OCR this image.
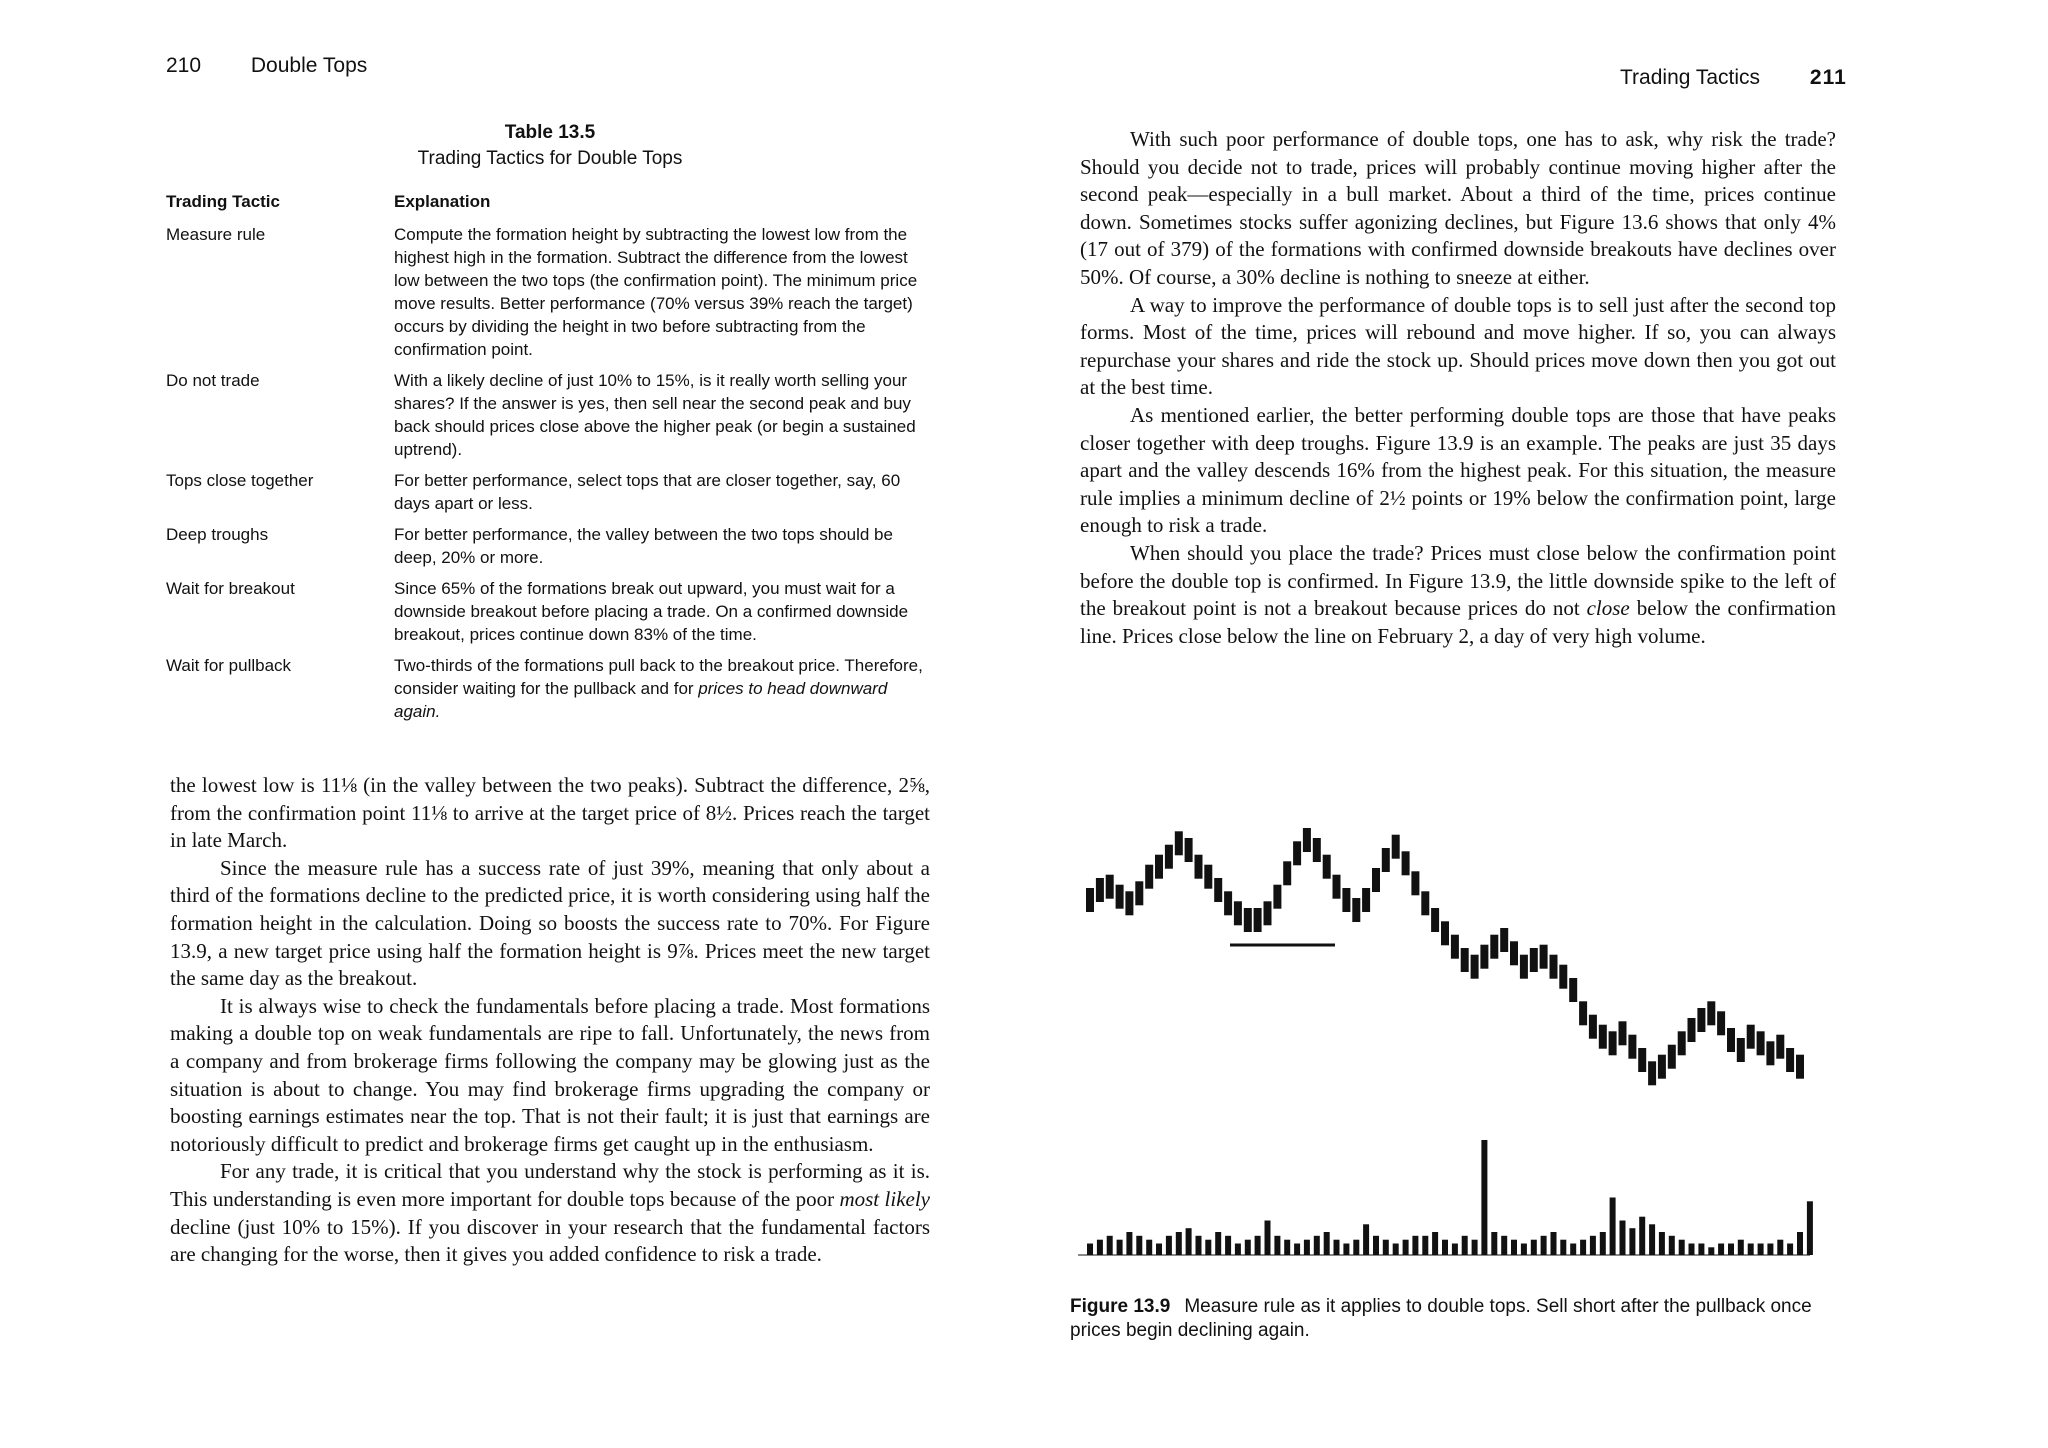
210 Double Tops
Trading Tactics 211
Table 13.5
Trading Tactics for Double Tops
Trading Tactic	Explanation
Measure rule	Compute the formation height by subtracting the lowest low from the highest high in the formation. Subtract the difference from the lowest low between the two tops (the confirmation point). The minimum price move results. Better performance (70% versus 39% reach the target) occurs by dividing the height in two before subtracting from the confirmation point.
Do not trade	With a likely decline of just 10% to 15%, is it really worth selling your shares? If the answer is yes, then sell near the second peak and buy back should prices close above the higher peak (or begin a sustained uptrend).
Tops close together	For better performance, select tops that are closer together, say, 60 days apart or less.
Deep troughs	For better performance, the valley between the two tops should be deep, 20% or more.
Wait for breakout	Since 65% of the formations break out upward, you must wait for a downside breakout before placing a trade. On a confirmed downside breakout, prices continue down 83% of the time.
Wait for pullback	Two-thirds of the formations pull back to the breakout price. Therefore, consider waiting for the pullback and for prices to head downward again.

the lowest low is 11⅛ (in the valley between the two peaks). Subtract the difference, 2⅝, from the confirmation point 11⅛ to arrive at the target price of 8½. Prices reach the target in late March.

Since the measure rule has a success rate of just 39%, meaning that only about a third of the formations decline to the predicted price, it is worth considering using half the formation height in the calculation. Doing so boosts the success rate to 70%. For Figure 13.9, a new target price using half the formation height is 9⅞. Prices meet the new target the same day as the breakout.

It is always wise to check the fundamentals before placing a trade. Most formations making a double top on weak fundamentals are ripe to fall. Unfortunately, the news from a company and from brokerage firms following the company may be glowing just as the situation is about to change. You may find brokerage firms upgrading the company or boosting earnings estimates near the top. That is not their fault; it is just that earnings are notoriously difficult to predict and brokerage firms get caught up in the enthusiasm.

For any trade, it is critical that you understand why the stock is performing as it is. This understanding is even more important for double tops because of the poor most likely decline (just 10% to 15%). If you discover in your research that the fundamental factors are changing for the worse, then it gives you added confidence to risk a trade.

With such poor performance of double tops, one has to ask, why risk the trade? Should you decide not to trade, prices will probably continue moving higher after the second peak—especially in a bull market. About a third of the time, prices continue down. Sometimes stocks suffer agonizing declines, but Figure 13.6 shows that only 4% (17 out of 379) of the formations with confirmed downside breakouts have declines over 50%. Of course, a 30% decline is nothing to sneeze at either.

A way to improve the performance of double tops is to sell just after the second top forms. Most of the time, prices will rebound and move higher. If so, you can always repurchase your shares and ride the stock up. Should prices move down then you got out at the best time.

As mentioned earlier, the better performing double tops are those that have peaks closer together with deep troughs. Figure 13.9 is an example. The peaks are just 35 days apart and the valley descends 16% from the highest peak. For this situation, the measure rule implies a minimum decline of 2½ points or 19% below the confirmation point, large enough to risk a trade.

When should you place the trade? Prices must close below the confirmation point before the double top is confirmed. In Figure 13.9, the little downside spike to the left of the breakout point is not a breakout because prices do not close below the confirmation line. Prices close below the line on February 2, a day of very high volume.

Figure 13.9 Measure rule as it applies to double tops. Sell short after the pullback once prices begin declining again.
